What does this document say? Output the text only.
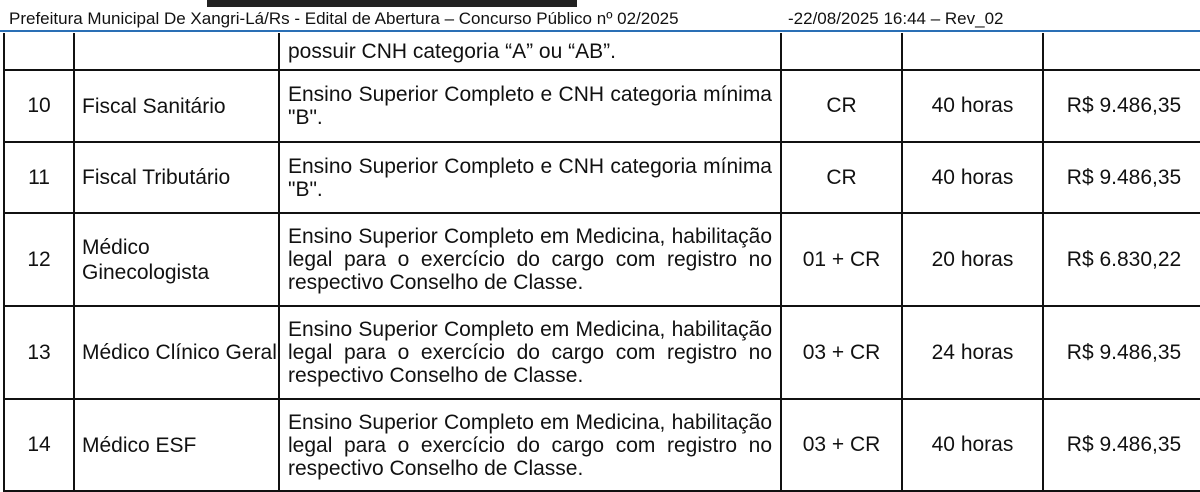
Prefeitura Municipal De Xangri-Lá/Rs - Edital de Abertura – Concurso Público nº 02/2025	-22/08/2025 16:44 – Rev_02

		possuir CNH categoria “A” ou “AB”.			

10	Fiscal Sanitário	Ensino Superior Completo e CNH categoria mínima "B".	CR	40 horas	R$ 9.486,35
11	Fiscal Tributário	Ensino Superior Completo e CNH categoria mínima "B".	CR	40 horas	R$ 9.486,35
12	Médico Ginecologista	Ensino Superior Completo em Medicina, habilitação legal para o exercício do cargo com registro no respectivo Conselho de Classe.	01 + CR	20 horas	R$ 6.830,22
13	Médico Clínico Geral	Ensino Superior Completo em Medicina, habilitação legal para o exercício do cargo com registro no respectivo Conselho de Classe.	03 + CR	24 horas	R$ 9.486,35
14	Médico ESF	Ensino Superior Completo em Medicina, habilitação legal para o exercício do cargo com registro no respectivo Conselho de Classe.	03 + CR	40 horas	R$ 9.486,35
